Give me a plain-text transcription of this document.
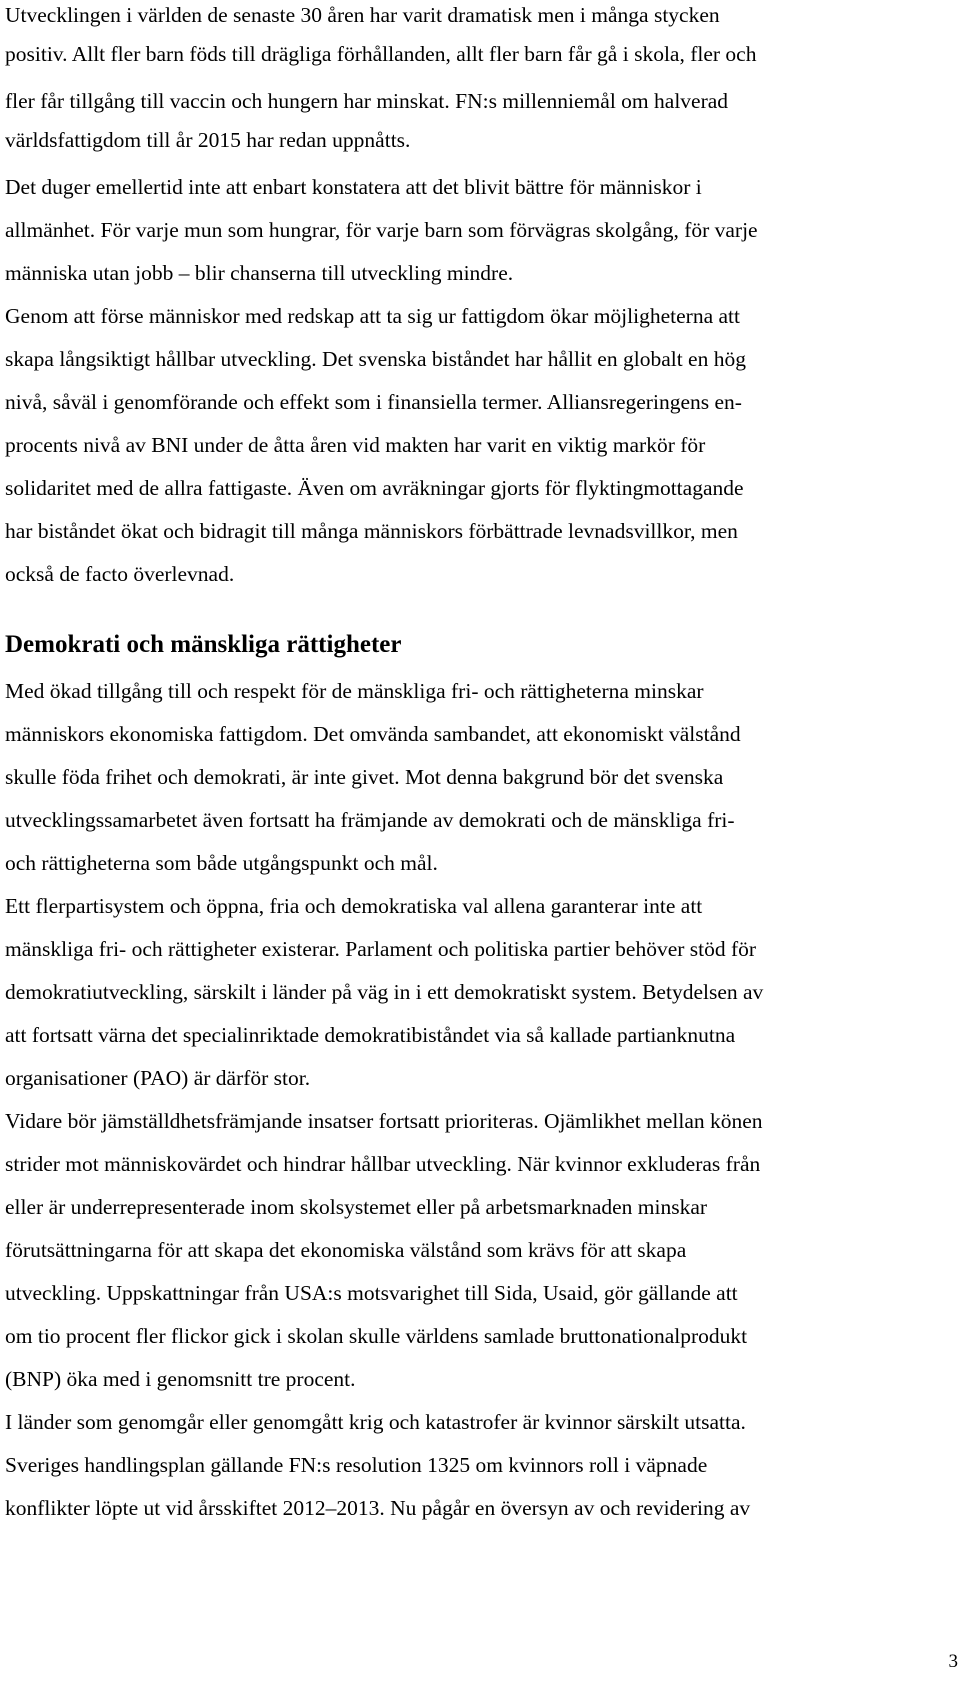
Utvecklingen i världen de senaste 30 åren har varit dramatisk men i många stycken
positiv. Allt fler barn föds till drägliga förhållanden, allt fler barn får gå i skola, fler och
fler får tillgång till vaccin och hungern har minskat. FN:s millenniemål om halverad
världsfattigdom till år 2015 har redan uppnåtts.
Det duger emellertid inte att enbart konstatera att det blivit bättre för människor i
allmänhet. För varje mun som hungrar, för varje barn som förvägras skolgång, för varje
människa utan jobb – blir chanserna till utveckling mindre.
Genom att förse människor med redskap att ta sig ur fattigdom ökar möjligheterna att
skapa långsiktigt hållbar utveckling. Det svenska biståndet har hållit en globalt en hög
nivå, såväl i genomförande och effekt som i finansiella termer. Alliansregeringens en-
procents nivå av BNI under de åtta åren vid makten har varit en viktig markör för
solidaritet med de allra fattigaste. Även om avräkningar gjorts för flyktingmottagande
har biståndet ökat och bidragit till många människors förbättrade levnadsvillkor, men
också de facto överlevnad.
Demokrati och mänskliga rättigheter
Med ökad tillgång till och respekt för de mänskliga fri- och rättigheterna minskar
människors ekonomiska fattigdom. Det omvända sambandet, att ekonomiskt välstånd
skulle föda frihet och demokrati, är inte givet. Mot denna bakgrund bör det svenska
utvecklingssamarbetet även fortsatt ha främjande av demokrati och de mänskliga fri-
och rättigheterna som både utgångspunkt och mål.
Ett flerpartisystem och öppna, fria och demokratiska val allena garanterar inte att
mänskliga fri- och rättigheter existerar. Parlament och politiska partier behöver stöd för
demokratiutveckling, särskilt i länder på väg in i ett demokratiskt system. Betydelsen av
att fortsatt värna det specialinriktade demokratibiståndet via så kallade partianknutna
organisationer (PAO) är därför stor.
Vidare bör jämställdhetsfrämjande insatser fortsatt prioriteras. Ojämlikhet mellan könen
strider mot människovärdet och hindrar hållbar utveckling. När kvinnor exkluderas från
eller är underrepresenterade inom skolsystemet eller på arbetsmarknaden minskar
förutsättningarna för att skapa det ekonomiska välstånd som krävs för att skapa
utveckling. Uppskattningar från USA:s motsvarighet till Sida, Usaid, gör gällande att
om tio procent fler flickor gick i skolan skulle världens samlade bruttonationalprodukt
(BNP) öka med i genomsnitt tre procent.
I länder som genomgår eller genomgått krig och katastrofer är kvinnor särskilt utsatta.
Sveriges handlingsplan gällande FN:s resolution 1325 om kvinnors roll i väpnade
konflikter löpte ut vid årsskiftet 2012–2013. Nu pågår en översyn av och revidering av
3
